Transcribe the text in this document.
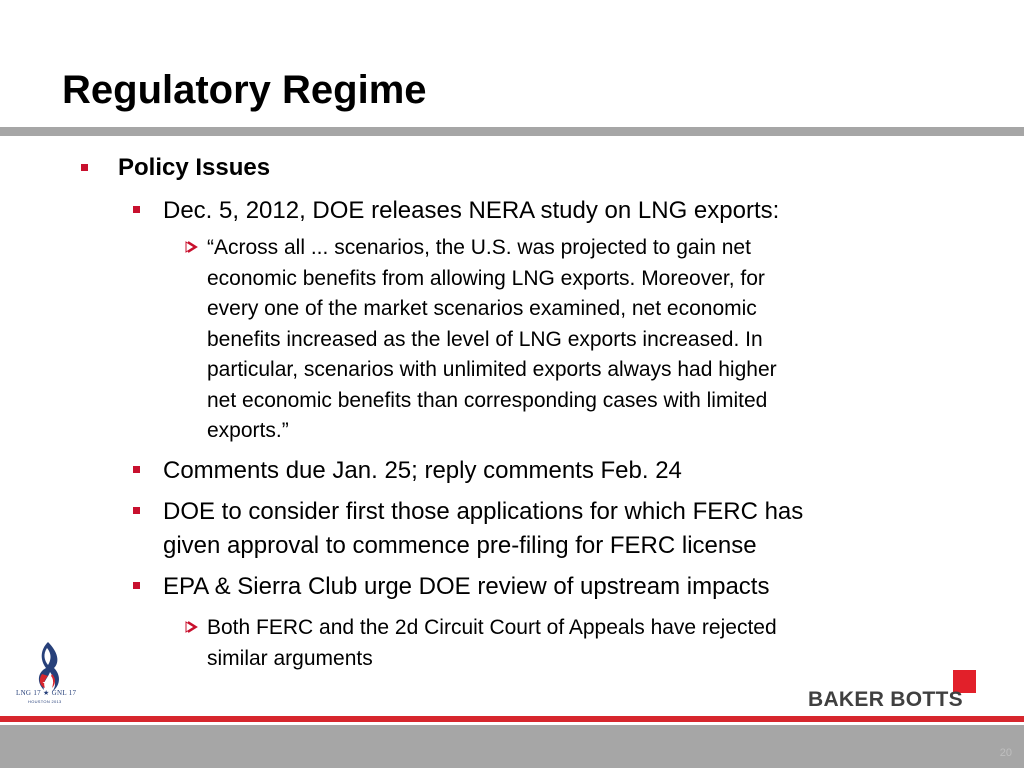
Regulatory Regime
Policy Issues
Dec. 5, 2012, DOE releases NERA study on LNG exports:
“Across all ... scenarios, the U.S. was projected to gain net
economic benefits from allowing LNG exports. Moreover, for
every one of the market scenarios examined, net economic
benefits increased as the level of LNG exports increased. In
particular, scenarios with unlimited exports always had higher
net economic benefits than corresponding cases with limited
exports.”
Comments due Jan. 25; reply comments Feb. 24
DOE to consider first those applications for which FERC has
given approval to commence pre-filing for FERC license
EPA & Sierra Club urge DOE review of upstream impacts
Both FERC and the 2d Circuit Court of Appeals have rejected
similar arguments
LNG 17 ★ GNL 17
HOUSTON 2013	BAKER BOTTS
20
